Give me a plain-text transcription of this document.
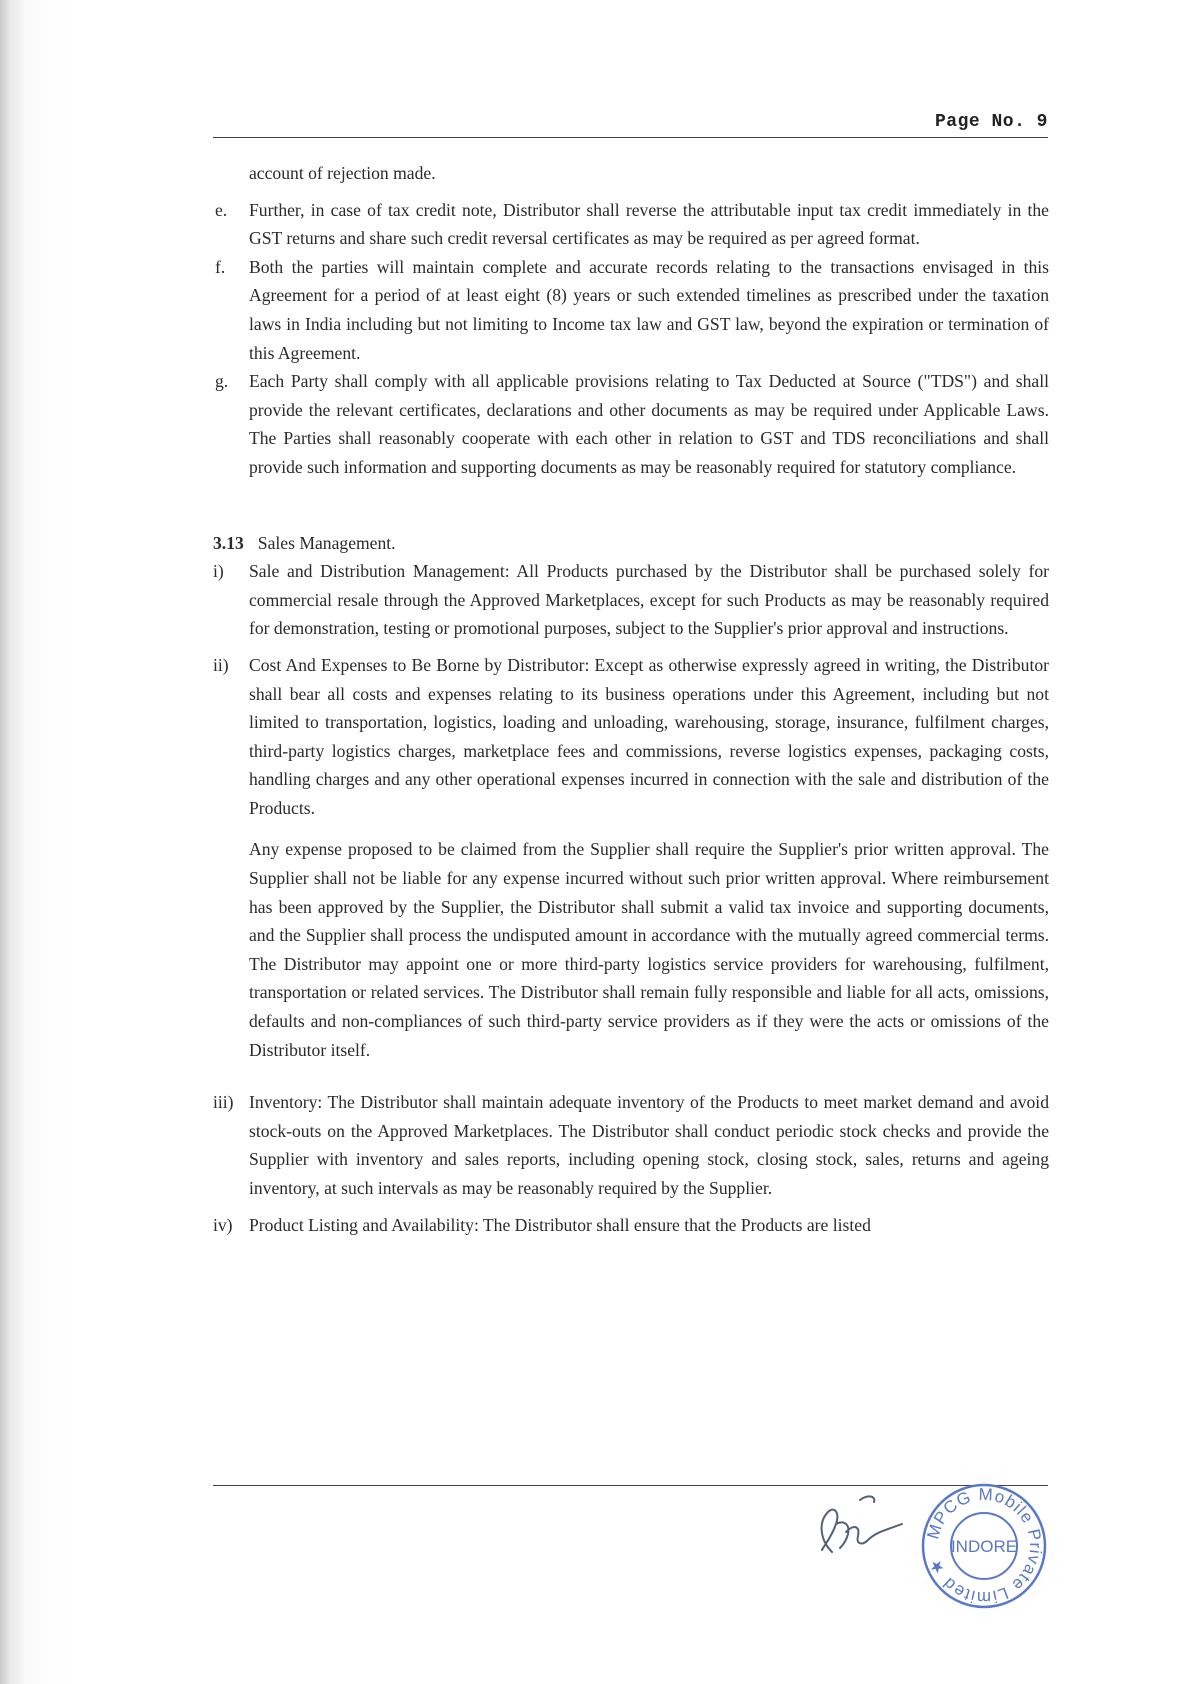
Page No. 9

account of rejection made.

e. Further, in case of tax credit note, Distributor shall reverse the attributable input tax credit immediately in the GST returns and share such credit reversal certificates as may be required as per agreed format.

f. Both the parties will maintain complete and accurate records relating to the transactions envisaged in this Agreement for a period of at least eight (8) years or such extended timelines as prescribed under the taxation laws in India including but not limiting to Income tax law and GST law, beyond the expiration or termination of this Agreement.

g. Each Party shall comply with all applicable provisions relating to Tax Deducted at Source ("TDS") and shall provide the relevant certificates, declarations and other documents as may be required under Applicable Laws. The Parties shall reasonably cooperate with each other in relation to GST and TDS reconciliations and shall provide such information and supporting documents as may be reasonably required for statutory compliance.

3.13 Sales Management.

i) Sale and Distribution Management: All Products purchased by the Distributor shall be purchased solely for commercial resale through the Approved Marketplaces, except for such Products as may be reasonably required for demonstration, testing or promotional purposes, subject to the Supplier's prior approval and instructions.

ii) Cost And Expenses to Be Borne by Distributor: Except as otherwise expressly agreed in writing, the Distributor shall bear all costs and expenses relating to its business operations under this Agreement, including but not limited to transportation, logistics, loading and unloading, warehousing, storage, insurance, fulfilment charges, third-party logistics charges, marketplace fees and commissions, reverse logistics expenses, packaging costs, handling charges and any other operational expenses incurred in connection with the sale and distribution of the Products.

Any expense proposed to be claimed from the Supplier shall require the Supplier's prior written approval. The Supplier shall not be liable for any expense incurred without such prior written approval. Where reimbursement has been approved by the Supplier, the Distributor shall submit a valid tax invoice and supporting documents, and the Supplier shall process the undisputed amount in accordance with the mutually agreed commercial terms. The Distributor may appoint one or more third-party logistics service providers for warehousing, fulfilment, transportation or related services. The Distributor shall remain fully responsible and liable for all acts, omissions, defaults and non-compliances of such third-party service providers as if they were the acts or omissions of the Distributor itself.

iii) Inventory: The Distributor shall maintain adequate inventory of the Products to meet market demand and avoid stock-outs on the Approved Marketplaces. The Distributor shall conduct periodic stock checks and provide the Supplier with inventory and sales reports, including opening stock, closing stock, sales, returns and ageing inventory, at such intervals as may be reasonably required by the Supplier.

iv) Product Listing and Availability: The Distributor shall ensure that the Products are listed

MPCG Mobile Private Limited ★
INDORE
